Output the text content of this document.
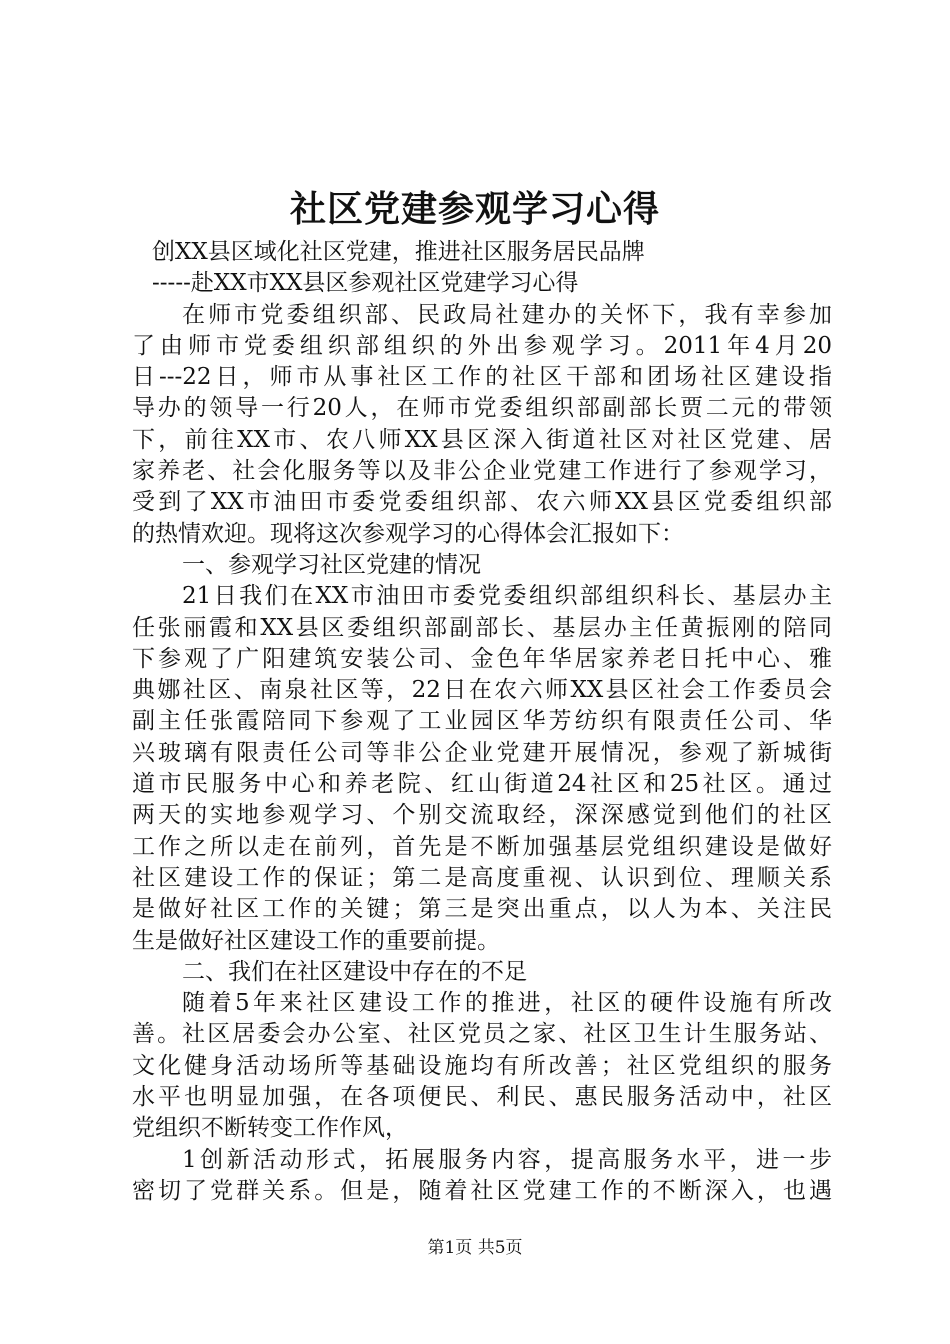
社区党建参观学习心得
创XX县区域化社区党建，推进社区服务居民品牌
-----赴XX市XX县区参观社区党建学习心得
在师市党委组织部、民政局社建办的关怀下，我有幸参加
了由师市党委组织部组织的外出参观学习。2011年4月20
日---22日，师市从事社区工作的社区干部和团场社区建设指
导办的领导一行20人，在师市党委组织部副部长贾二元的带领
下，前往XX市、农八师XX县区深入街道社区对社区党建、居
家养老、社会化服务等以及非公企业党建工作进行了参观学习，
受到了XX市油田市委党委组织部、农六师XX县区党委组织部
的热情欢迎。现将这次参观学习的心得体会汇报如下：
一、参观学习社区党建的情况
21日我们在XX市油田市委党委组织部组织科长、基层办主
任张丽霞和XX县区委组织部副部长、基层办主任黄振刚的陪同
下参观了广阳建筑安装公司、金色年华居家养老日托中心、雅
典娜社区、南泉社区等，22日在农六师XX县区社会工作委员会
副主任张霞陪同下参观了工业园区华芳纺织有限责任公司、华
兴玻璃有限责任公司等非公企业党建开展情况，参观了新城街
道市民服务中心和养老院、红山街道24社区和25社区。通过
两天的实地参观学习、个别交流取经，深深感觉到他们的社区
工作之所以走在前列，首先是不断加强基层党组织建设是做好
社区建设工作的保证；第二是高度重视、认识到位、理顺关系
是做好社区工作的关键；第三是突出重点，以人为本、关注民
生是做好社区建设工作的重要前提。
二、我们在社区建设中存在的不足
随着5年来社区建设工作的推进，社区的硬件设施有所改
善。社区居委会办公室、社区党员之家、社区卫生计生服务站、
文化健身活动场所等基础设施均有所改善；社区党组织的服务
水平也明显加强，在各项便民、利民、惠民服务活动中，社区
党组织不断转变工作作风，
1创新活动形式，拓展服务内容，提高服务水平，进一步
密切了党群关系。但是，随着社区党建工作的不断深入，也遇
第1页 共5页
